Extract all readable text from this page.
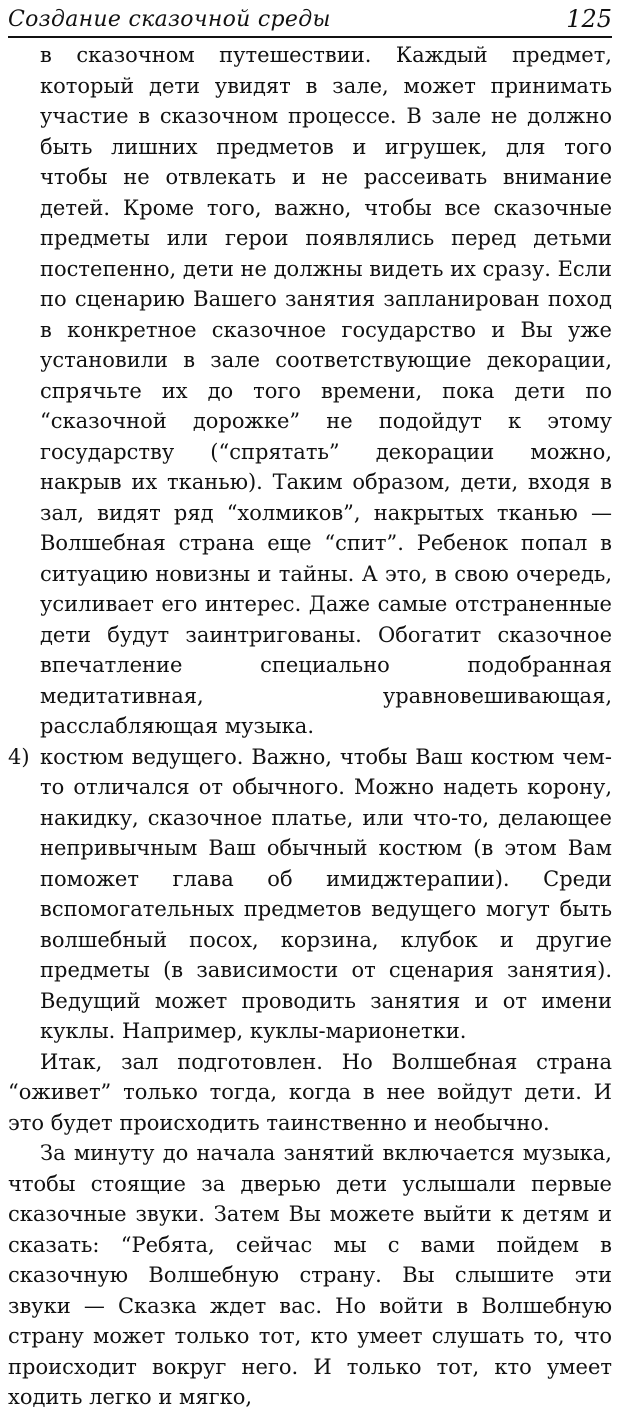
Создание сказочной среды	125

в сказочном путешествии. Каждый предмет, который дети увидят в зале, может принимать участие в сказочном процессе. В зале не должно быть лишних предметов и игрушек, для того чтобы не отвлекать и не рассеивать внимание детей. Кроме того, важно, чтобы все сказочные предметы или герои появлялись перед детьми постепенно, дети не должны видеть их сразу. Если по сценарию Вашего занятия запланирован поход в конкретное сказочное государство и Вы уже установили в зале соответствующие декорации, спрячьте их до того времени, пока дети по “сказочной дорожке” не подойдут к этому государству (“спрятать” декорации можно, накрыв их тканью). Таким образом, дети, входя в зал, видят ряд “холмиков”, накрытых тканью — Волшебная страна еще “спит”. Ребенок попал в ситуацию новизны и тайны. А это, в свою очередь, усиливает его интерес. Даже самые отстраненные дети будут заинтригованы. Обогатит сказочное впечатление специально подобранная медитативная, уравновешивающая, расслабляющая музыка.

4) костюм ведущего. Важно, чтобы Ваш костюм чем-то отличался от обычного. Можно надеть корону, накидку, сказочное платье, или что-то, делающее непривычным Ваш обычный костюм (в этом Вам поможет глава об имиджтерапии). Среди вспомогательных предметов ведущего могут быть волшебный посох, корзина, клубок и другие предметы (в зависимости от сценария занятия). Ведущий может проводить занятия и от имени куклы. Например, куклы-марионетки.

Итак, зал подготовлен. Но Волшебная страна “оживет” только тогда, когда в нее войдут дети. И это будет происходить таинственно и необычно.

За минуту до начала занятий включается музыка, чтобы стоящие за дверью дети услышали первые сказочные звуки. Затем Вы можете выйти к детям и сказать: “Ребята, сейчас мы с вами пойдем в сказочную Волшебную страну. Вы слышите эти звуки — Сказка ждет вас. Но войти в Волшебную страну может только тот, кто умеет слушать то, что происходит вокруг него. И только тот, кто умеет ходить легко и мягко,
